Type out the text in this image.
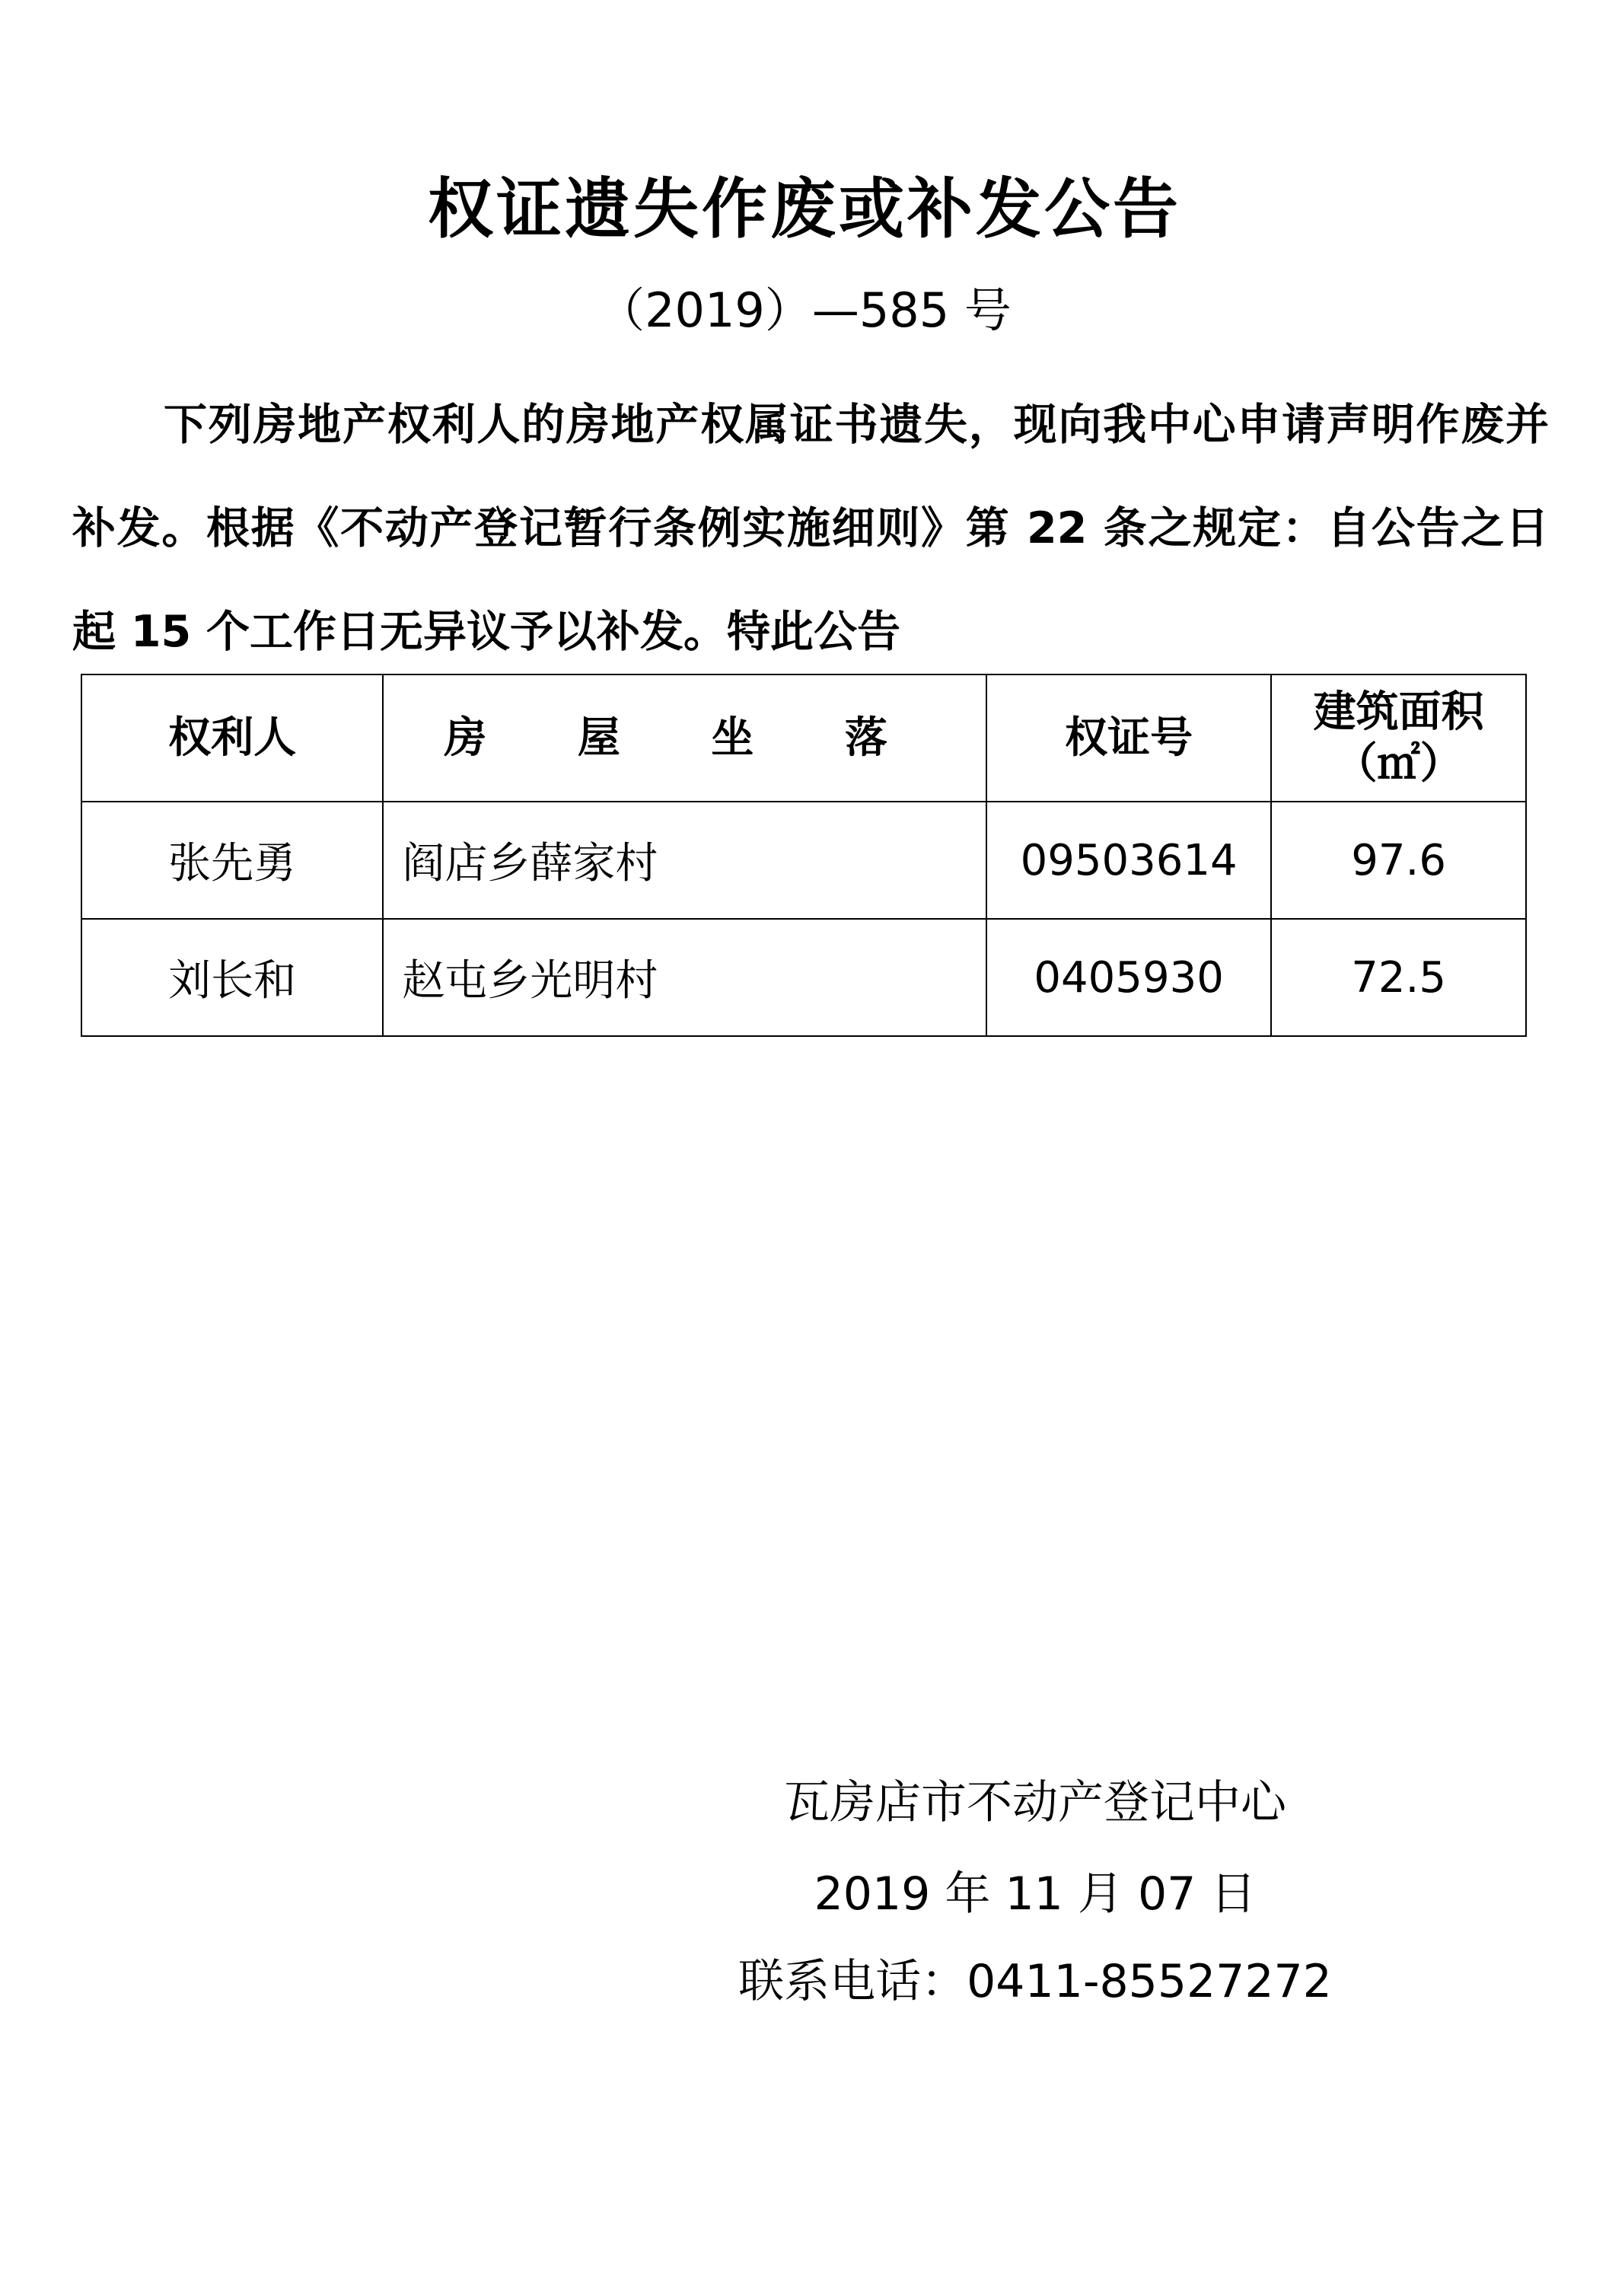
权证遗失作废或补发公告
（2019）—585 号
下列房地产权利人的房地产权属证书遗失，现向我中心申请声明作废并补发。根据《不动产登记暂行条例实施细则》第 22 条之规定：自公告之日起 15 个工作日无异议予以补发。特此公告
权利人	房 屋 坐 落	权证号	建筑面积
（㎡）

张先勇	阎店乡薛家村	09503614	97.6
刘长和	赵屯乡光明村	0405930	72.5
瓦房店市不动产登记中心
2019 年 11 月 07 日
联系电话：0411-85527272
